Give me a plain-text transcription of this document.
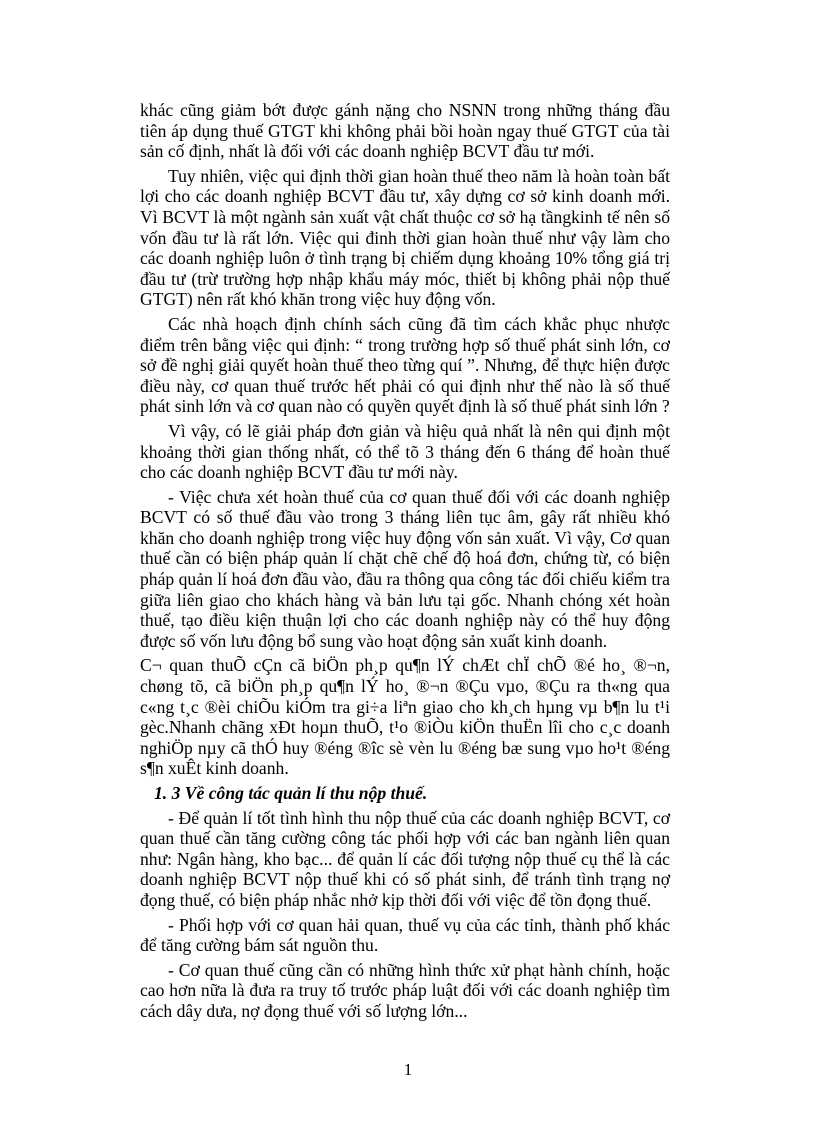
khác cũng giảm bớt được gánh nặng cho NSNN trong những tháng đầu tiên áp dụng thuế GTGT khi không phải bồi hoàn ngay thuế GTGT của tài sản cố định, nhất là đối với các doanh nghiệp BCVT đầu tư mới.

Tuy nhiên, việc qui định thời gian hoàn thuế theo năm là hoàn toàn bất lợi cho các doanh nghiệp BCVT đầu tư, xây dựng cơ sở kinh doanh mới. Vì BCVT là một ngành sản xuất vật chất thuộc cơ sở hạ tầngkinh tế nên số vốn đầu tư là rất lớn. Việc qui đinh thời gian hoàn thuế như vậy làm cho các doanh nghiệp luôn ở tình trạng bị chiếm dụng khoảng 10% tổng giá trị đầu tư (trừ trường hợp nhập khẩu máy móc, thiết bị không phải nộp thuế GTGT) nên rất khó khăn trong việc huy động vốn.

Các nhà hoạch định chính sách cũng đã tìm cách khắc phục nhược điểm trên bằng việc qui định: “ trong trường hợp số thuế phát sinh lớn, cơ sở đề nghị giải quyết hoàn thuế theo từng quí ”. Nhưng, để thực hiện được điều này, cơ quan thuế trước hết phải có qui định như thế nào là số thuế phát sinh lớn và cơ quan nào có quyền quyết định là số thuế phát sinh lớn ?

Vì vậy, có lẽ giải pháp đơn giản và hiệu quả nhất là nên qui định một khoảng thời gian thống nhất, có thể tõ 3 tháng đến 6 tháng để hoàn thuế cho các doanh nghiệp BCVT đầu tư mới này.

- Việc chưa xét hoàn thuế của cơ quan thuế đối với các doanh nghiệp BCVT có số thuế đầu vào trong 3 tháng liên tục âm, gây rất nhiều khó khăn cho doanh nghiệp trong việc huy động vốn sản xuất. Vì vậy, Cơ quan thuế cần có biện pháp quản lí chặt chẽ chế độ hoá đơn, chứng từ, có biện pháp quản lí hoá đơn đầu vào, đầu ra thông qua công tác đối chiếu kiểm tra giữa liên giao cho khách hàng và bản lưu tại gốc. Nhanh chóng xét hoàn thuế, tạo điều kiện thuận lợi cho các doanh nghiệp này có thể huy động được số vốn lưu động bổ sung vào hoạt động sản xuất kinh doanh.

C¬ quan thuÕ cÇn cã biÖn ph¸p qu¶n lÝ chÆt chÏ chÕ ®é ho¸ ®¬n, chøng tõ, cã biÖn ph¸p qu¶n lÝ ho¸ ®¬n ®Çu vµo, ®Çu ra th«ng qua c«ng t¸c ®èi chiÕu kiÓm tra gi÷a liªn giao cho kh¸ch hµng vµ b¶n lu t¹i gèc.Nhanh chãng xÐt hoµn thuÕ, t¹o ®iÒu kiÖn thuËn lîi cho c¸c doanh nghiÖp nµy cã thÓ huy ®éng ®îc sè vèn lu ®éng bæ sung vµo ho¹t ®éng s¶n xuÊt kinh doanh.

1. 3 Về công tác quản lí thu nộp thuế.

- Để quản lí tốt tình hình thu nộp thuế của các doanh nghiệp BCVT, cơ quan thuế cần tăng cường công tác phối hợp với các ban ngành liên quan như: Ngân hàng, kho bạc... để quản lí các đối tượng nộp thuế cụ thể là các doanh nghiệp BCVT nộp thuế khi có số phát sinh, để tránh tình trạng nợ đọng thuế, có biện pháp nhắc nhở kịp thời đối với việc để tồn đọng thuế.

- Phối hợp với cơ quan hải quan, thuế vụ của các tỉnh, thành phố khác để tăng cường bám sát nguồn thu.

- Cơ quan thuế cũng cần có những hình thức xử phạt hành chính, hoặc cao hơn nữa là đưa ra truy tố trước pháp luật đối với các doanh nghiệp tìm cách dây dưa, nợ đọng thuế với số lượng lớn...

1
